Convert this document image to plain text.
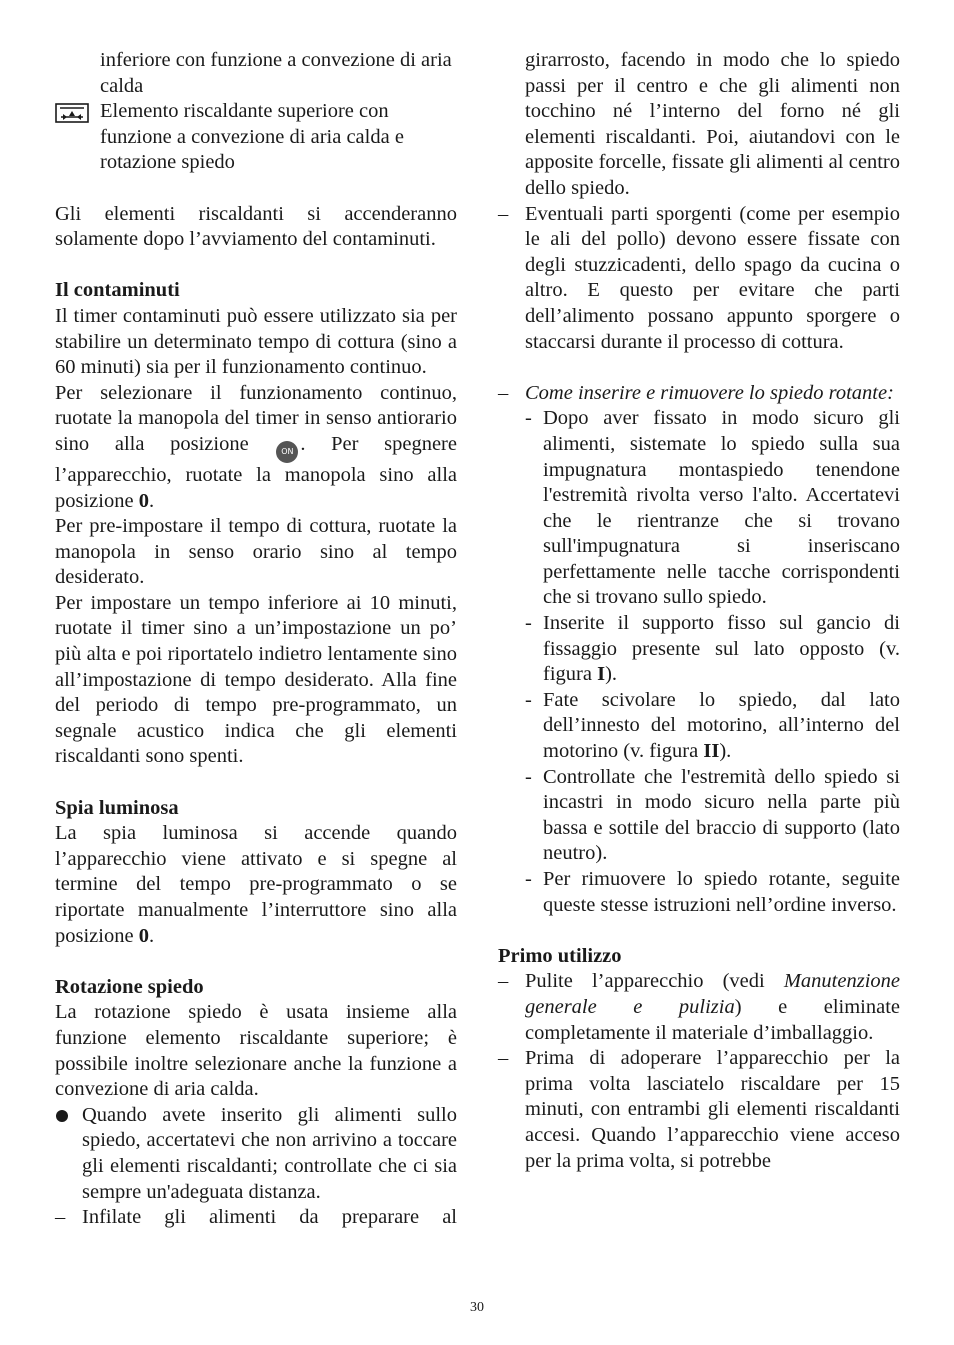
inferiore con funzione a convezione di aria calda

Elemento riscaldante superiore con funzione a convezione di aria calda e rotazione spiedo

Gli elementi riscaldanti si accenderanno solamente dopo l’avviamento del contaminuti.

Il contaminuti

Il timer contaminuti può essere utilizzato sia per stabilire un determinato tempo di cottura (sino a 60 minuti) sia per il funzionamento continuo.

Per selezionare il funzionamento continuo, ruotate la manopola del timer in senso antiorario sino alla posizione	ON . Per spegnere l’apparecchio, ruotate la manopola sino alla posizione 0.

Per pre-impostare il tempo di cottura, ruotate la manopola in senso orario sino al tempo desiderato.

Per impostare un tempo inferiore ai 10 minuti, ruotate il timer sino a un’impostazione un po’ più alta e poi riportatelo indietro lentamente sino all’impostazione di tempo desiderato. Alla fine del periodo di tempo pre-programmato, un segnale acustico indica che gli elementi riscaldanti sono spenti.

Spia luminosa

La spia luminosa si accende quando l’apparecchio viene attivato e si spegne al termine del tempo pre-programmato o se riportate manualmente l’interruttore sino alla posizione 0.

Rotazione spiedo

La rotazione spiedo è usata insieme alla funzione elemento riscaldante superiore; è possibile inoltre selezionare anche la funzione a convezione di aria calda.

Quando avete inserito gli alimenti sullo spiedo, accertatevi che non arrivino a toccare gli elementi riscaldanti; controllate che ci sia sempre un'adeguata distanza.
– Infilate gli alimenti da preparare al

girarrosto, facendo in modo che lo spiedo passi per il centro e che gli alimenti non tocchino né l’interno del forno né gli elementi riscaldanti. Poi, aiutandovi con le apposite forcelle, fissate gli alimenti al centro dello spiedo.

– Eventuali parti sporgenti (come per esempio le ali del pollo) devono essere fissate con degli stuzzicadenti, dello spago da cucina o altro. E questo per evitare che parti dell’alimento possano appunto sporgere o staccarsi durante il processo di cottura.
– Come inserire e rimuovere lo spiedo rotante:
- Dopo aver fissato in modo sicuro gli alimenti, sistemate lo spiedo sulla sua impugnatura montaspiedo tenendone l'estremità rivolta verso l'alto. Accertatevi che le rientranze che si trovano sull'impugnatura si inseriscano perfettamente nelle tacche corrispondenti che si trovano sullo spiedo.
- Inserite il supporto fisso sul gancio di fissaggio presente sul lato opposto (v. figura I).
- Fate scivolare lo spiedo, dal lato dell’innesto del motorino, all’interno del motorino (v. figura II).
- Controllate che l'estremità dello spiedo si incastri in modo sicuro nella parte più bassa e sottile del braccio di supporto (lato neutro).
- Per rimuovere lo spiedo rotante, seguite queste stesse istruzioni nell’ordine inverso.

Primo utilizzo

– Pulite l’apparecchio (vedi Manutenzione generale e pulizia) e eliminate completamente il materiale d’imballaggio.
– Prima di adoperare l’apparecchio per la prima volta lasciatelo riscaldare per 15 minuti, con entrambi gli elementi riscaldanti accesi. Quando l’apparecchio viene acceso per la prima volta, si potrebbe
30
